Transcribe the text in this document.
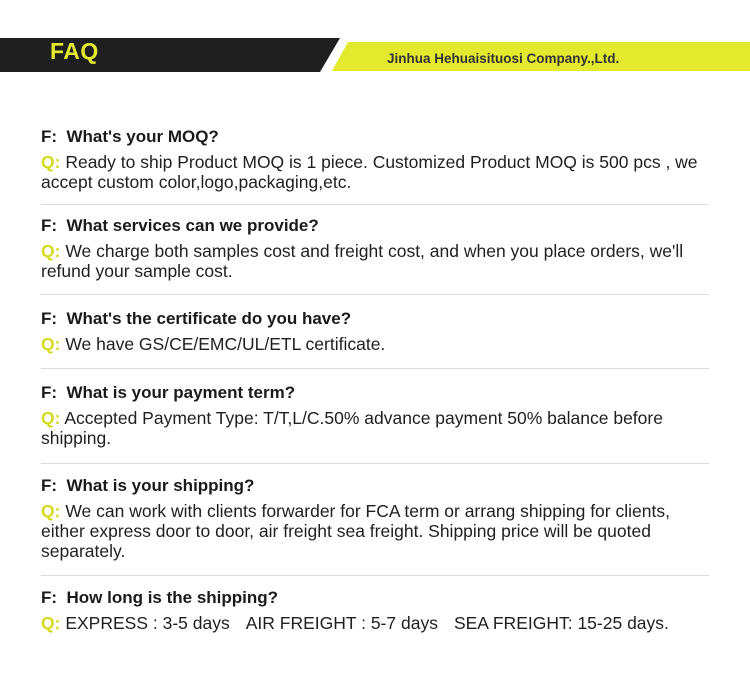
FAQ	Jinhua Hehuaisituosi Company.,Ltd.
F: What's your MOQ?
Q: Ready to ship Product MOQ is 1 piece. Customized Product MOQ is 500 pcs , we accept custom color,logo,packaging,etc.
F: What services can we provide?
Q: We charge both samples cost and freight cost, and when you place orders, we'll refund your sample cost.
F: What's the certificate do you have?
Q: We have GS/CE/EMC/UL/ETL certificate.
F: What is your payment term?
Q: Accepted Payment Type: T/T,L/C.50% advance payment 50% balance before shipping.
F: What is your shipping?
Q: We can work with clients forwarder for FCA term or arrang shipping for clients, either express door to door, air freight sea freight. Shipping price will be quoted separately.
F: How long is the shipping?
Q: EXPRESS : 3-5 days AIR FREIGHT : 5-7 days SEA FREIGHT: 15-25 days.
